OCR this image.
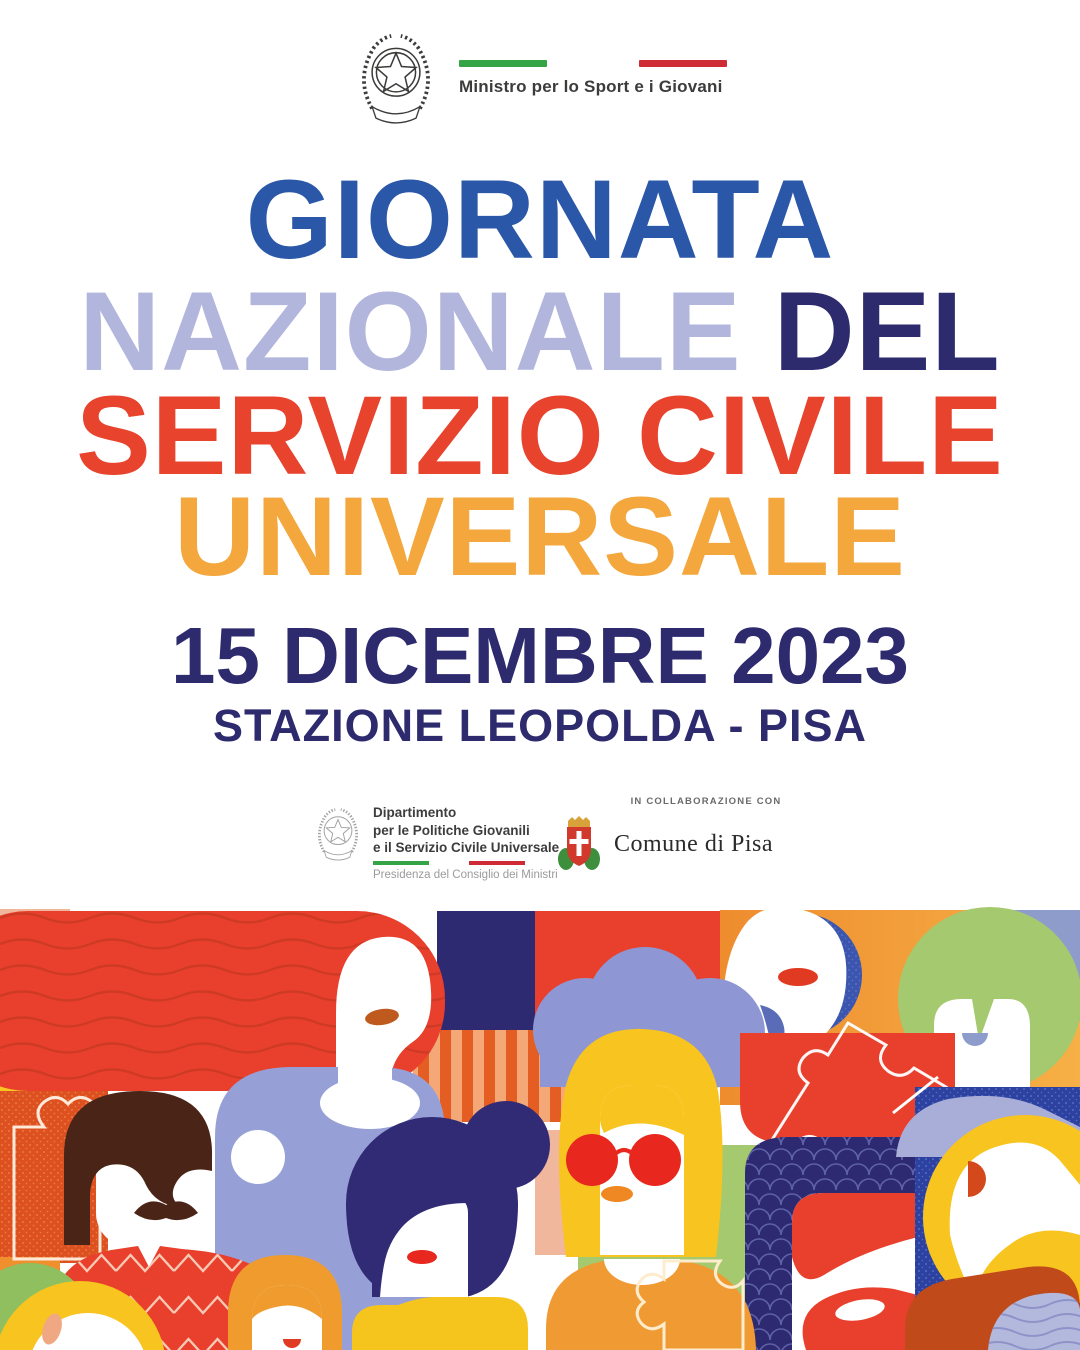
Ministro per lo Sport e i Giovani
GIORNATA
NAZIONALE DEL
SERVIZIO CIVILE
UNIVERSALE
15 DICEMBRE 2023
STAZIONE LEOPOLDA - PISA
Dipartimento
per le Politiche Giovanili
e il Servizio Civile Universale
Presidenza del Consiglio dei Ministri
IN COLLABORAZIONE CON
Comune di Pisa
